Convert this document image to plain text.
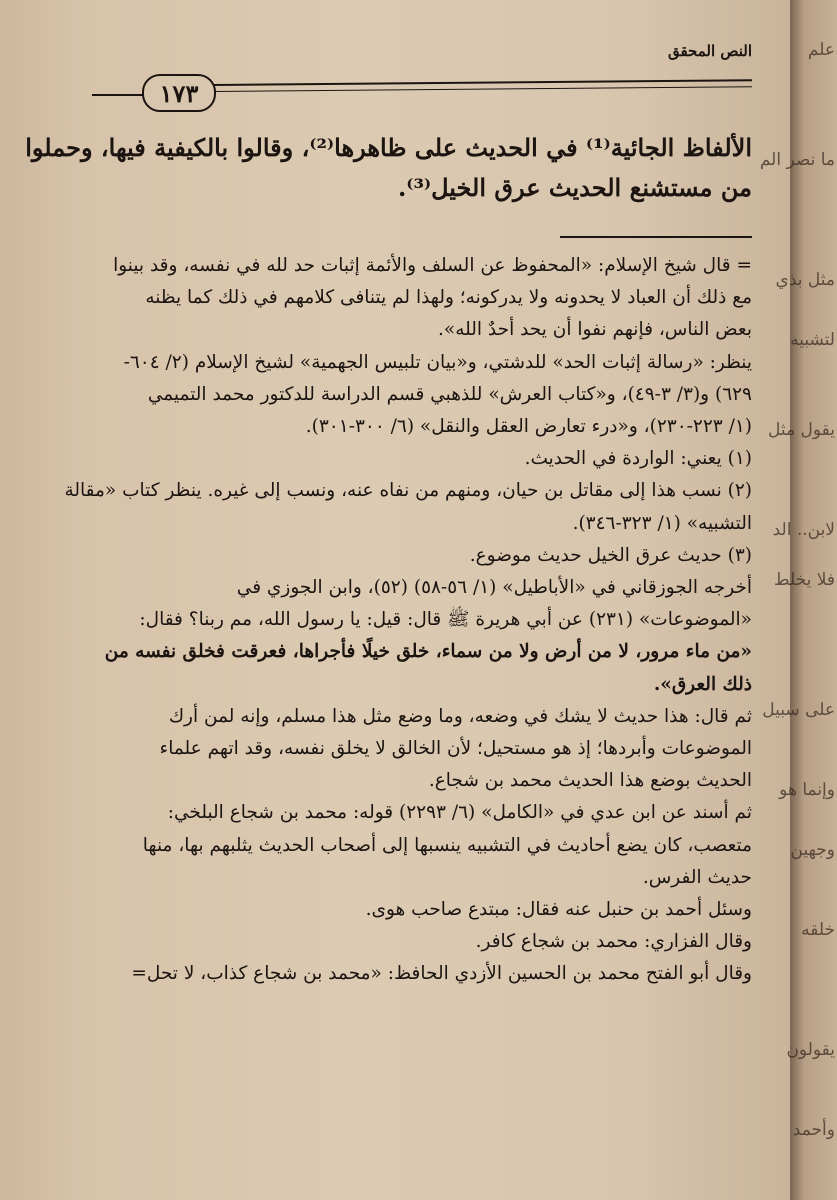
النص المحقق
١٧٣
الألفاظ الجائية⁽¹⁾ في الحديث على ظاهرها⁽²⁾، وقالوا بالكيفية فيها، وحملوا
من مستشنع الحديث عرق الخيل⁽³⁾.
= قال شيخ الإسلام: «المحفوظ عن السلف والأئمة إثبات حد لله في نفسه، وقد بينوا
مع ذلك أن العباد لا يحدونه ولا يدركونه؛ ولهذا لم يتنافى كلامهم في ذلك كما يظنه
بعض الناس، فإنهم نفوا أن يحد أحدٌ الله».
ينظر: «رسالة إثبات الحد» للدشتي، و«بيان تلبيس الجهمية» لشيخ الإسلام (٢/ ٦٠٤-
٦٢٩) و(٣/ ٣-٤٩)، و«كتاب العرش» للذهبي قسم الدراسة للدكتور محمد التميمي
(١/ ٢٢٣-٢٣٠)، و«درء تعارض العقل والنقل» (٦/ ٣٠٠-٣٠١).
(١) يعني: الواردة في الحديث.
(٢) نسب هذا إلى مقاتل بن حيان، ومنهم من نفاه عنه، ونسب إلى غيره. ينظر كتاب «مقالة
التشبيه» (١/ ٣٢٣-٣٤٦).
(٣) حديث عرق الخيل حديث موضوع.
أخرجه الجوزقاني في «الأباطيل» (١/ ٥٦-٥٨) (٥٢)، وابن الجوزي في
«الموضوعات» (٢٣١) عن أبي هريرة ﷺ قال: قيل: يا رسول الله، مم ربنا؟ فقال:
«من ماء مرور، لا من أرض ولا من سماء، خلق خيلًا فأجراها، فعرقت فخلق نفسه من
ذلك العرق».
ثم قال: هذا حديث لا يشك في وضعه، وما وضع مثل هذا مسلم، وإنه لمن أرك
الموضوعات وأبردها؛ إذ هو مستحيل؛ لأن الخالق لا يخلق نفسه، وقد اتهم علماء
الحديث بوضع هذا الحديث محمد بن شجاع.
ثم أسند عن ابن عدي في «الكامل» (٦/ ٢٢٩٣) قوله: محمد بن شجاع البلخي:
متعصب، كان يضع أحاديث في التشبيه ينسبها إلى أصحاب الحديث يثلبهم بها، منها
حديث الفرس.
وسئل أحمد بن حنبل عنه فقال: مبتدع صاحب هوى.
وقال الفزاري: محمد بن شجاع كافر.
وقال أبو الفتح محمد بن الحسين الأزدي الحافظ: «محمد بن شجاع كذاب، لا تحل=
علم
ما نصر الم
مثل بذي
لتشبيه
يقول مثل
لابن.. الد
فلا يخلط
على سبيل
وإنما هو
وجهين
خلقه
يقولون
وأحمد
